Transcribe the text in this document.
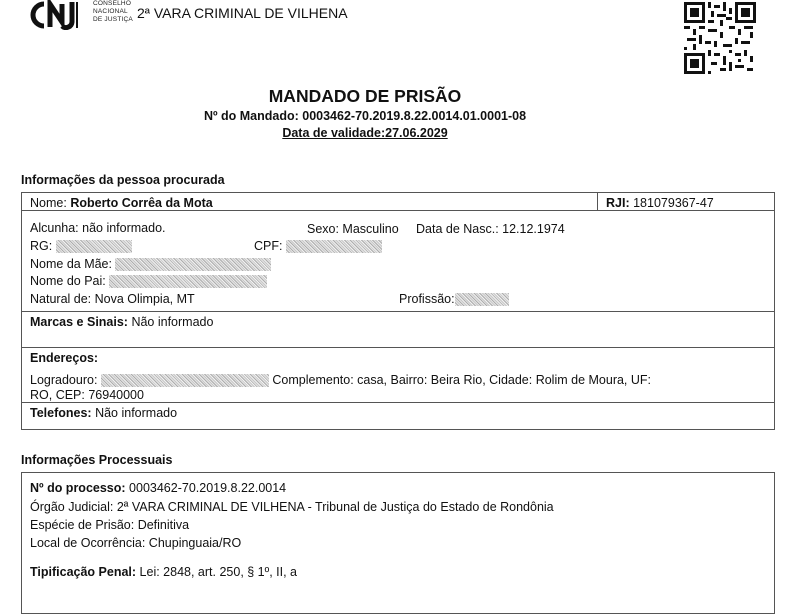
CONSELHO
NACIONAL
DE JUSTIÇA 2ª VARA CRIMINAL DE VILHENA
MANDADO DE PRISÃO
Nº do Mandado: 0003462-70.2019.8.22.0014.01.0001-08
Data de validade:27.06.2029
Informações da pessoa procurada
Nome: Roberto Corrêa da Mota	RJI: 181079367-47
Alcunha: não informado.	Sexo: Masculino Data de Nasc.: 12.12.1974
RG:	CPF:
Nome da Mãe:
Nome do Pai:
Natural de: Nova Olimpia, MT	Profissão:
Marcas e Sinais: Não informado
Endereços:
Logradouro:	Complemento: casa, Bairro: Beira Rio, Cidade: Rolim de Moura, UF:
RO, CEP: 76940000
Telefones: Não informado
Informações Processuais
Nº do processo: 0003462-70.2019.8.22.0014
Órgão Judicial: 2ª VARA CRIMINAL DE VILHENA - Tribunal de Justiça do Estado de Rondônia
Espécie de Prisão: Definitiva
Local de Ocorrência: Chupinguaia/RO
Tipificação Penal: Lei: 2848, art. 250, § 1º, II, a
